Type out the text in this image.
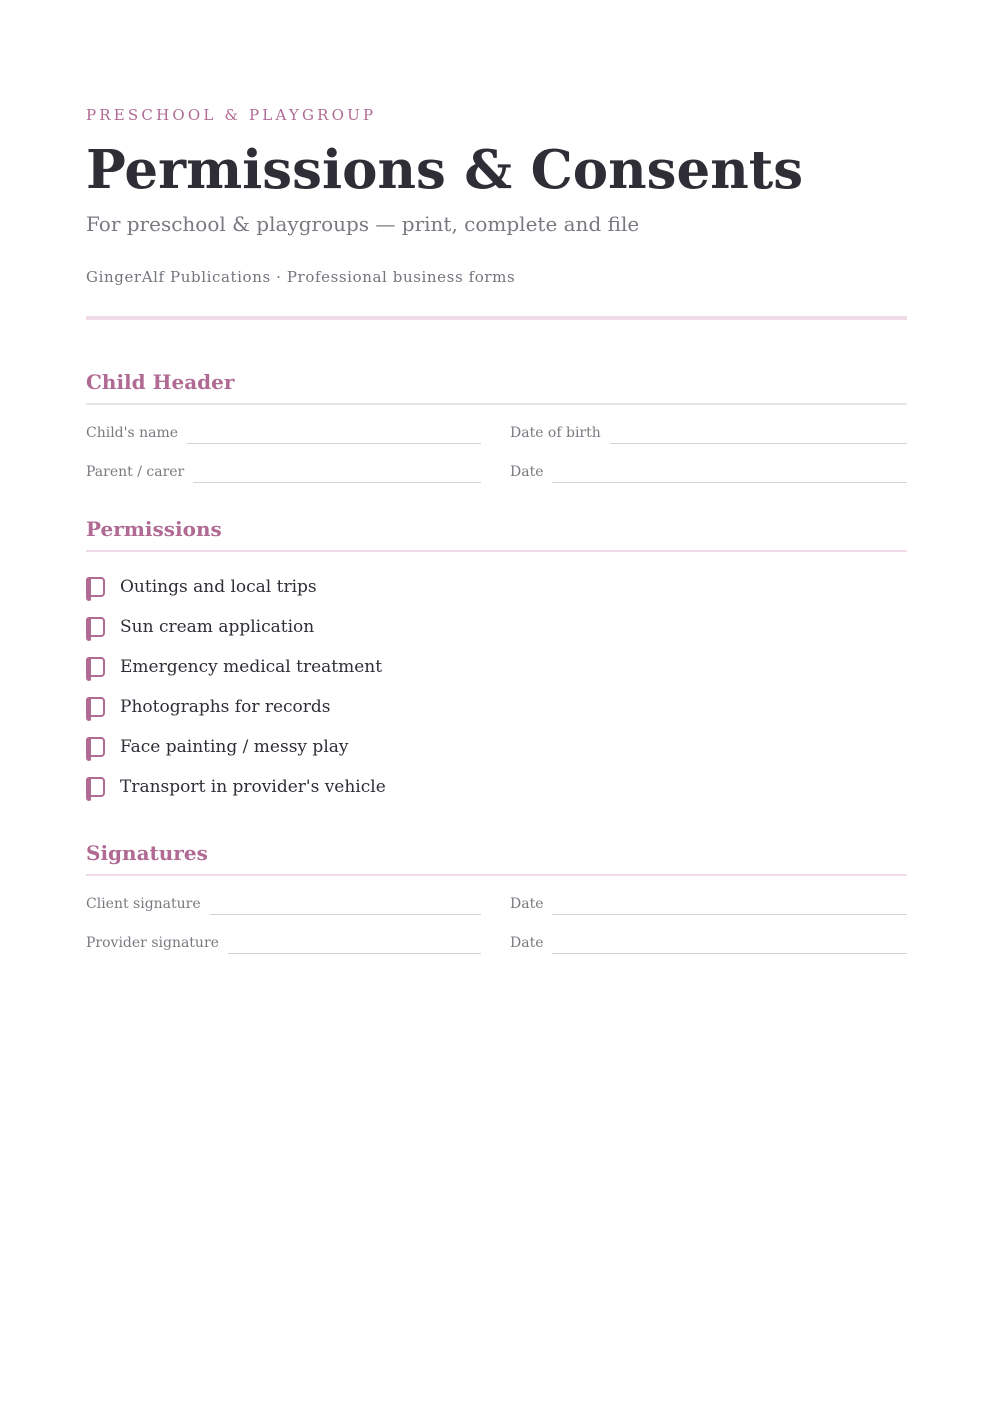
PRESCHOOL & PLAYGROUP
Permissions & Consents
For preschool & playgroups — print, complete and file
GingerAlf Publications · Professional business forms
Child Header
Child's name	Date of birth
Parent / carer	Date
Permissions
Outings and local trips
Sun cream application
Emergency medical treatment
Photographs for records
Face painting / messy play
Transport in provider's vehicle
Signatures
Client signature	Date
Provider signature	Date
